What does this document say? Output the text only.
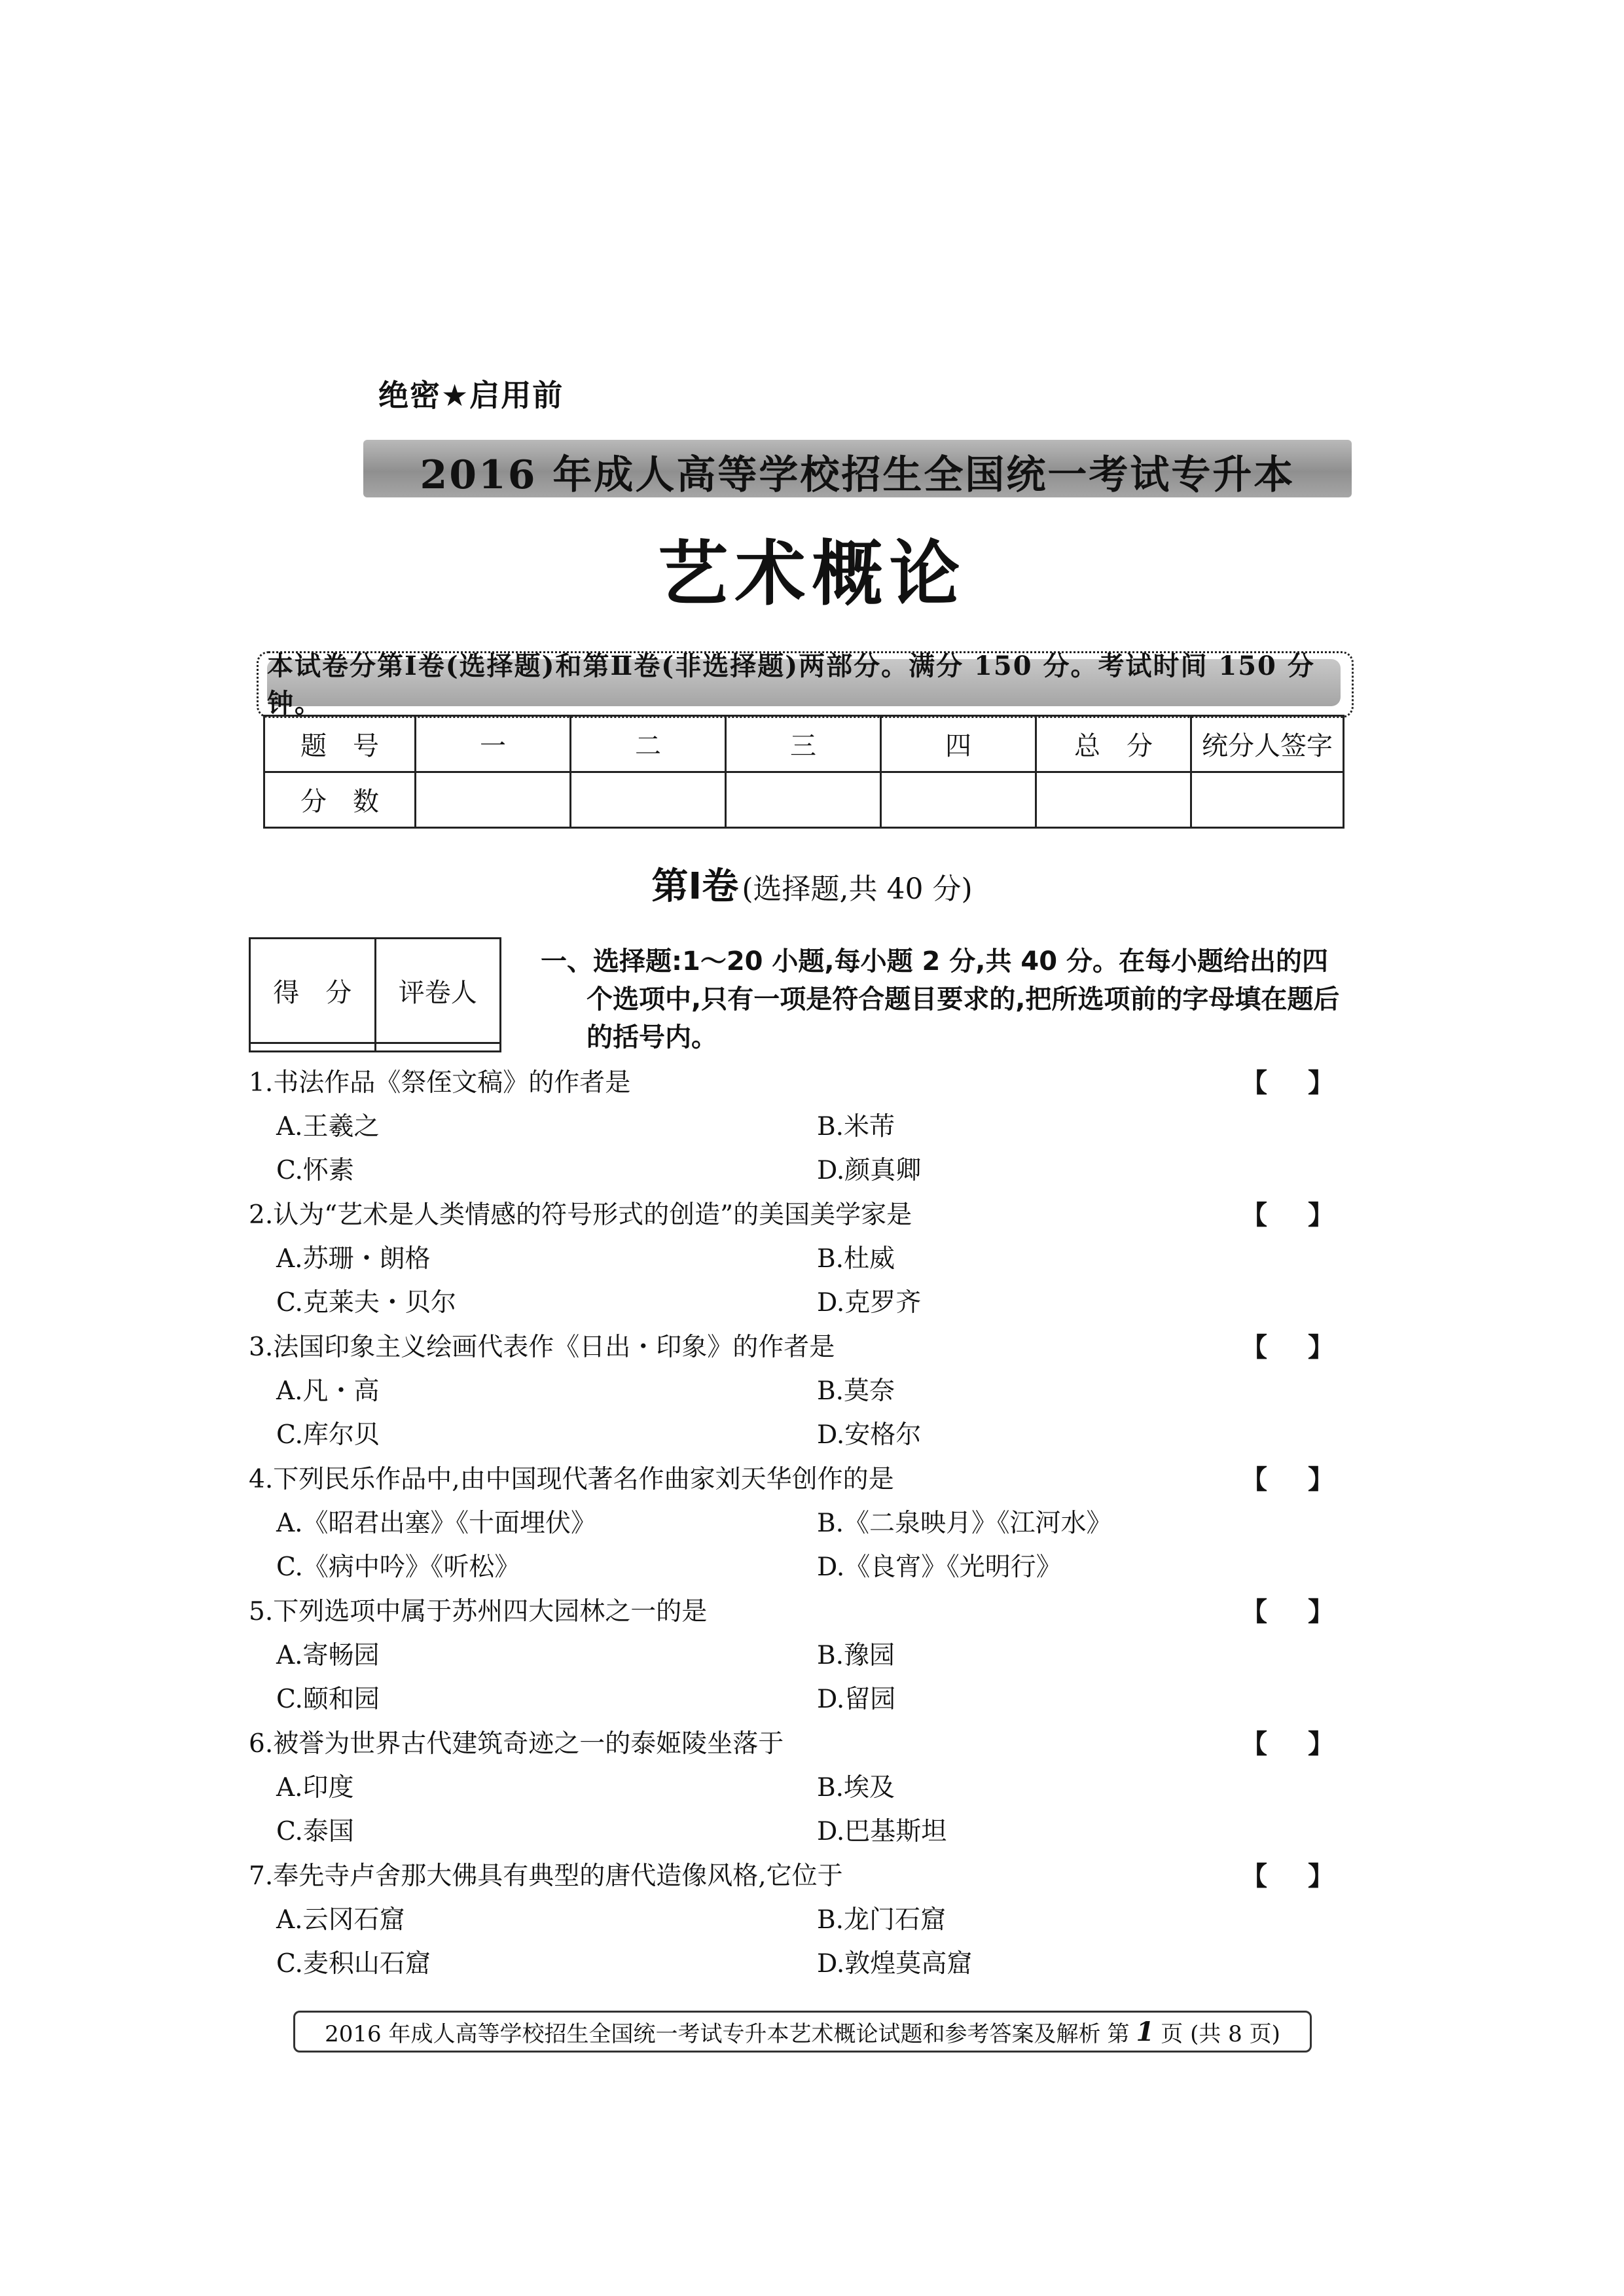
绝密★启用前
2016 年成人高等学校招生全国统一考试专升本
艺术概论
本试卷分第Ⅰ卷(选择题)和第Ⅱ卷(非选择题)两部分。满分 150 分。考试时间 150 分钟。
题　号	一	二	三	四	总　分	统分人签字
分　数						
第Ⅰ卷 (选择题,共 40 分)
得　分	评卷人

一、选择题:1～20 小题,每小题 2 分,共 40 分。在每小题给出的四
个选项中,只有一项是符合题目要求的,把所选项前的字母填在题后的括号内。
1.书法作品《祭侄文稿》的作者是	【】
A.王羲之	B.米芾
C.怀素	D.颜真卿
2.认为“艺术是人类情感的符号形式的创造”的美国美学家是	【】
A.苏珊・朗格	B.杜威
C.克莱夫・贝尔	D.克罗齐
3.法国印象主义绘画代表作《日出・印象》的作者是	【】
A.凡・高	B.莫奈
C.库尔贝	D.安格尔
4.下列民乐作品中,由中国现代著名作曲家刘天华创作的是	【】
A.《昭君出塞》《十面埋伏》	B.《二泉映月》《江河水》
C.《病中吟》《听松》	D.《良宵》《光明行》
5.下列选项中属于苏州四大园林之一的是	【】
A.寄畅园	B.豫园
C.颐和园	D.留园
6.被誉为世界古代建筑奇迹之一的泰姬陵坐落于	【】
A.印度	B.埃及
C.泰国	D.巴基斯坦
7.奉先寺卢舍那大佛具有典型的唐代造像风格,它位于	【】
A.云冈石窟	B.龙门石窟
C.麦积山石窟	D.敦煌莫高窟
2016 年成人高等学校招生全国统一考试专升本艺术概论试题和参考答案及解析 第 1 页 (共 8 页)
